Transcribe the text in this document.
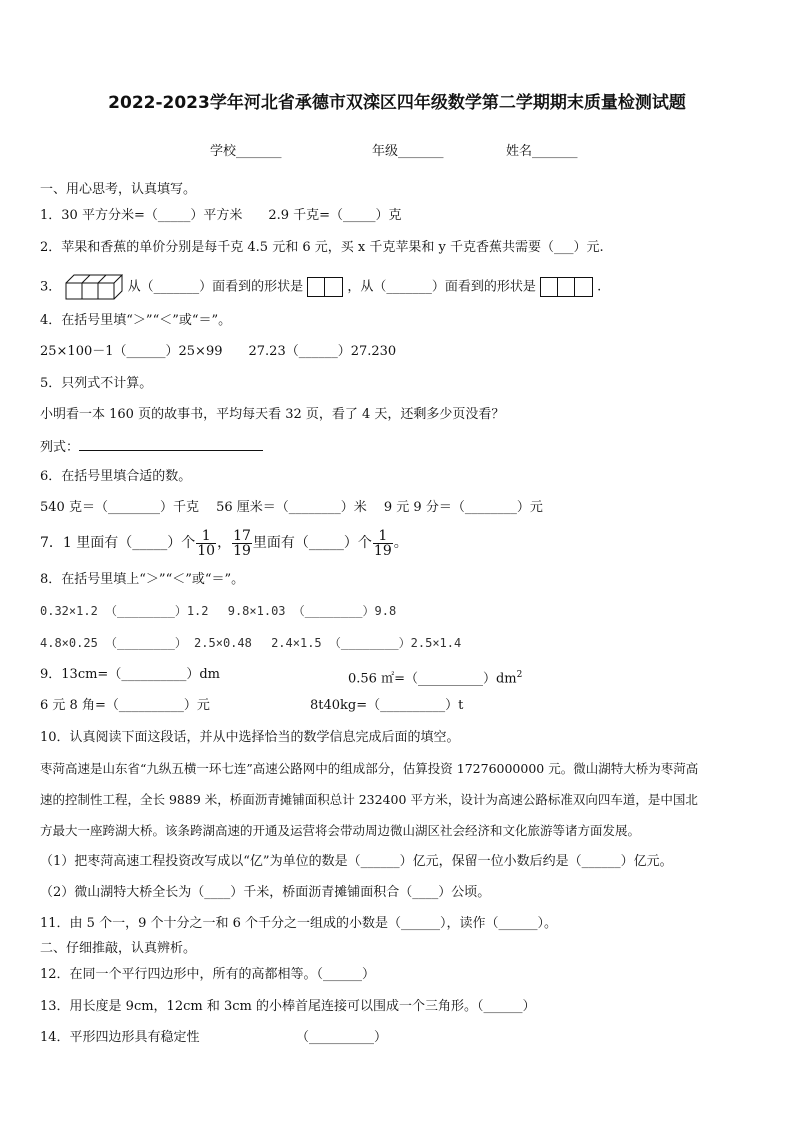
2022-2023学年河北省承德市双滦区四年级数学第二学期期末质量检测试题
学校_______	年级_______	姓名_______
一、用心思考，认真填写。
1．30 平方分米=（_____）平方米　　2.9 千克=（_____）克
2．苹果和香蕉的单价分别是每千克 4.5 元和 6 元，买 x 千克苹果和 y 千克香蕉共需要（___）元.
3．	从（_______）面看到的形状是	，从（_______）面看到的形状是	.
4．在括号里填“＞”“＜”或“＝”。
25×100－1（______）25×99　　27.23（______）27.230
5．只列式不计算。
小明看一本 160 页的故事书，平均每天看 32 页，看了 4 天，还剩多少页没看？
列式：
6．在括号里填合适的数。
540 克＝（________）千克　 56 厘米＝（________）米　 9 元 9 分＝（________）元
7．1 里面有（_____）个 $\frac{1}{10}$ ， $\frac{17}{19}$ 里面有（_____）个 $\frac{1}{19}$ 。
8．在括号里填上“＞”“＜”或“＝”。
0.32×1.2 （________）1.2　 9.8×1.03 （________）9.8
4.8×0.25 （________） 2.5×0.48　 2.4×1.5 （________）2.5×1.4
9．13cm=（__________）dm	0.56 $㎡=(\_\_\_\_\_\_\_\_\_\_)dm^2$
6 元 8 角=（__________）元	8t40kg=（__________）t
10．认真阅读下面这段话，并从中选择恰当的数学信息完成后面的填空。
枣菏高速是山东省“九纵五横一环七连”高速公路网中的组成部分，估算投资 17276000000 元。微山湖特大桥为枣菏高
速的控制性工程，全长 9889 米，桥面沥青摊铺面积总计 232400 平方米，设计为高速公路标准双向四车道，是中国北
方最大一座跨湖大桥。该条跨湖高速的开通及运营将会带动周边微山湖区社会经济和文化旅游等诸方面发展。
（1）把枣菏高速工程投资改写成以“亿”为单位的数是（______）亿元，保留一位小数后约是（______）亿元。
（2）微山湖特大桥全长为（____）千米，桥面沥青摊铺面积合（____）公顷。
11．由 5 个一，9 个十分之一和 6 个千分之一组成的小数是（______），读作（______）。
二、仔细推敲，认真辨析。
12．在同一个平行四边形中，所有的高都相等。（______）
13．用长度是 9cm，12cm 和 3cm 的小棒首尾连接可以围成一个三角形。（______）
14．平形四边形具有稳定性	（__________）
